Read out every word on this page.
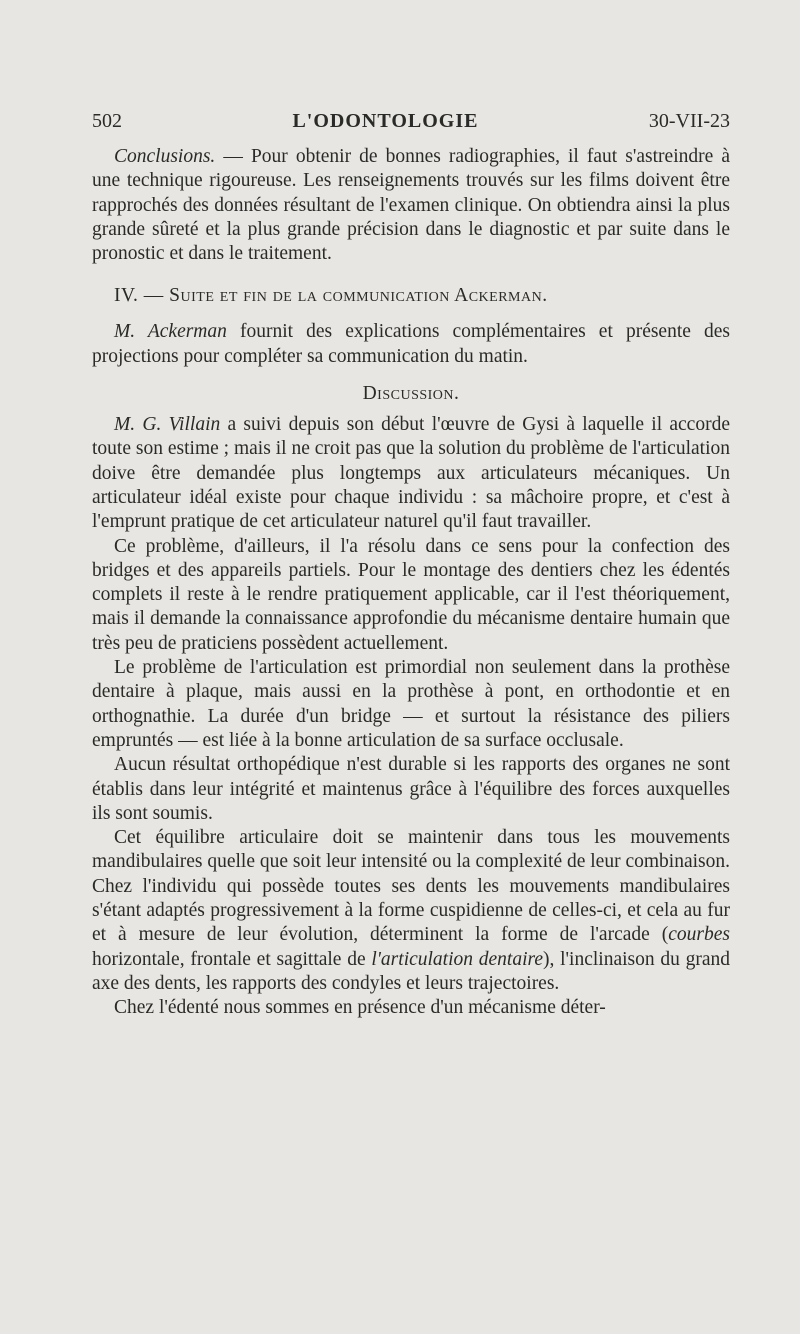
502	L'ODONTOLOGIE	30-VII-23

Conclusions. — Pour obtenir de bonnes radiographies, il faut s'astreindre à une technique rigoureuse. Les renseignements trouvés sur les films doivent être rapprochés des données résultant de l'examen clinique. On obtiendra ainsi la plus grande sûreté et la plus grande précision dans le diagnostic et par suite dans le pronostic et dans le traitement.

IV. — Suite et fin de la communication Ackerman.

M. Ackerman fournit des explications complémentaires et présente des projections pour compléter sa communication du matin.

Discussion.

M. G. Villain a suivi depuis son début l'œuvre de Gysi à laquelle il accorde toute son estime ; mais il ne croit pas que la solution du problème de l'articulation doive être demandée plus longtemps aux articulateurs mécaniques. Un articulateur idéal existe pour chaque individu : sa mâchoire propre, et c'est à l'emprunt pratique de cet articulateur naturel qu'il faut travailler.

Ce problème, d'ailleurs, il l'a résolu dans ce sens pour la confection des bridges et des appareils partiels. Pour le montage des dentiers chez les édentés complets il reste à le rendre pratiquement applicable, car il l'est théoriquement, mais il demande la connaissance approfondie du mécanisme dentaire humain que très peu de praticiens possèdent actuellement.

Le problème de l'articulation est primordial non seulement dans la prothèse dentaire à plaque, mais aussi en la prothèse à pont, en orthodontie et en orthognathie. La durée d'un bridge — et surtout la résistance des piliers empruntés — est liée à la bonne articulation de sa surface occlusale.

Aucun résultat orthopédique n'est durable si les rapports des organes ne sont établis dans leur intégrité et maintenus grâce à l'équilibre des forces auxquelles ils sont soumis.

Cet équilibre articulaire doit se maintenir dans tous les mouvements mandibulaires quelle que soit leur intensité ou la complexité de leur combinaison. Chez l'individu qui possède toutes ses dents les mouvements mandibulaires s'étant adaptés progressivement à la forme cuspidienne de celles-ci, et cela au fur et à mesure de leur évolution, déterminent la forme de l'arcade (courbes horizontale, frontale et sagittale de l'articulation dentaire), l'inclinaison du grand axe des dents, les rapports des condyles et leurs trajectoires.

Chez l'édenté nous sommes en présence d'un mécanisme déter-
